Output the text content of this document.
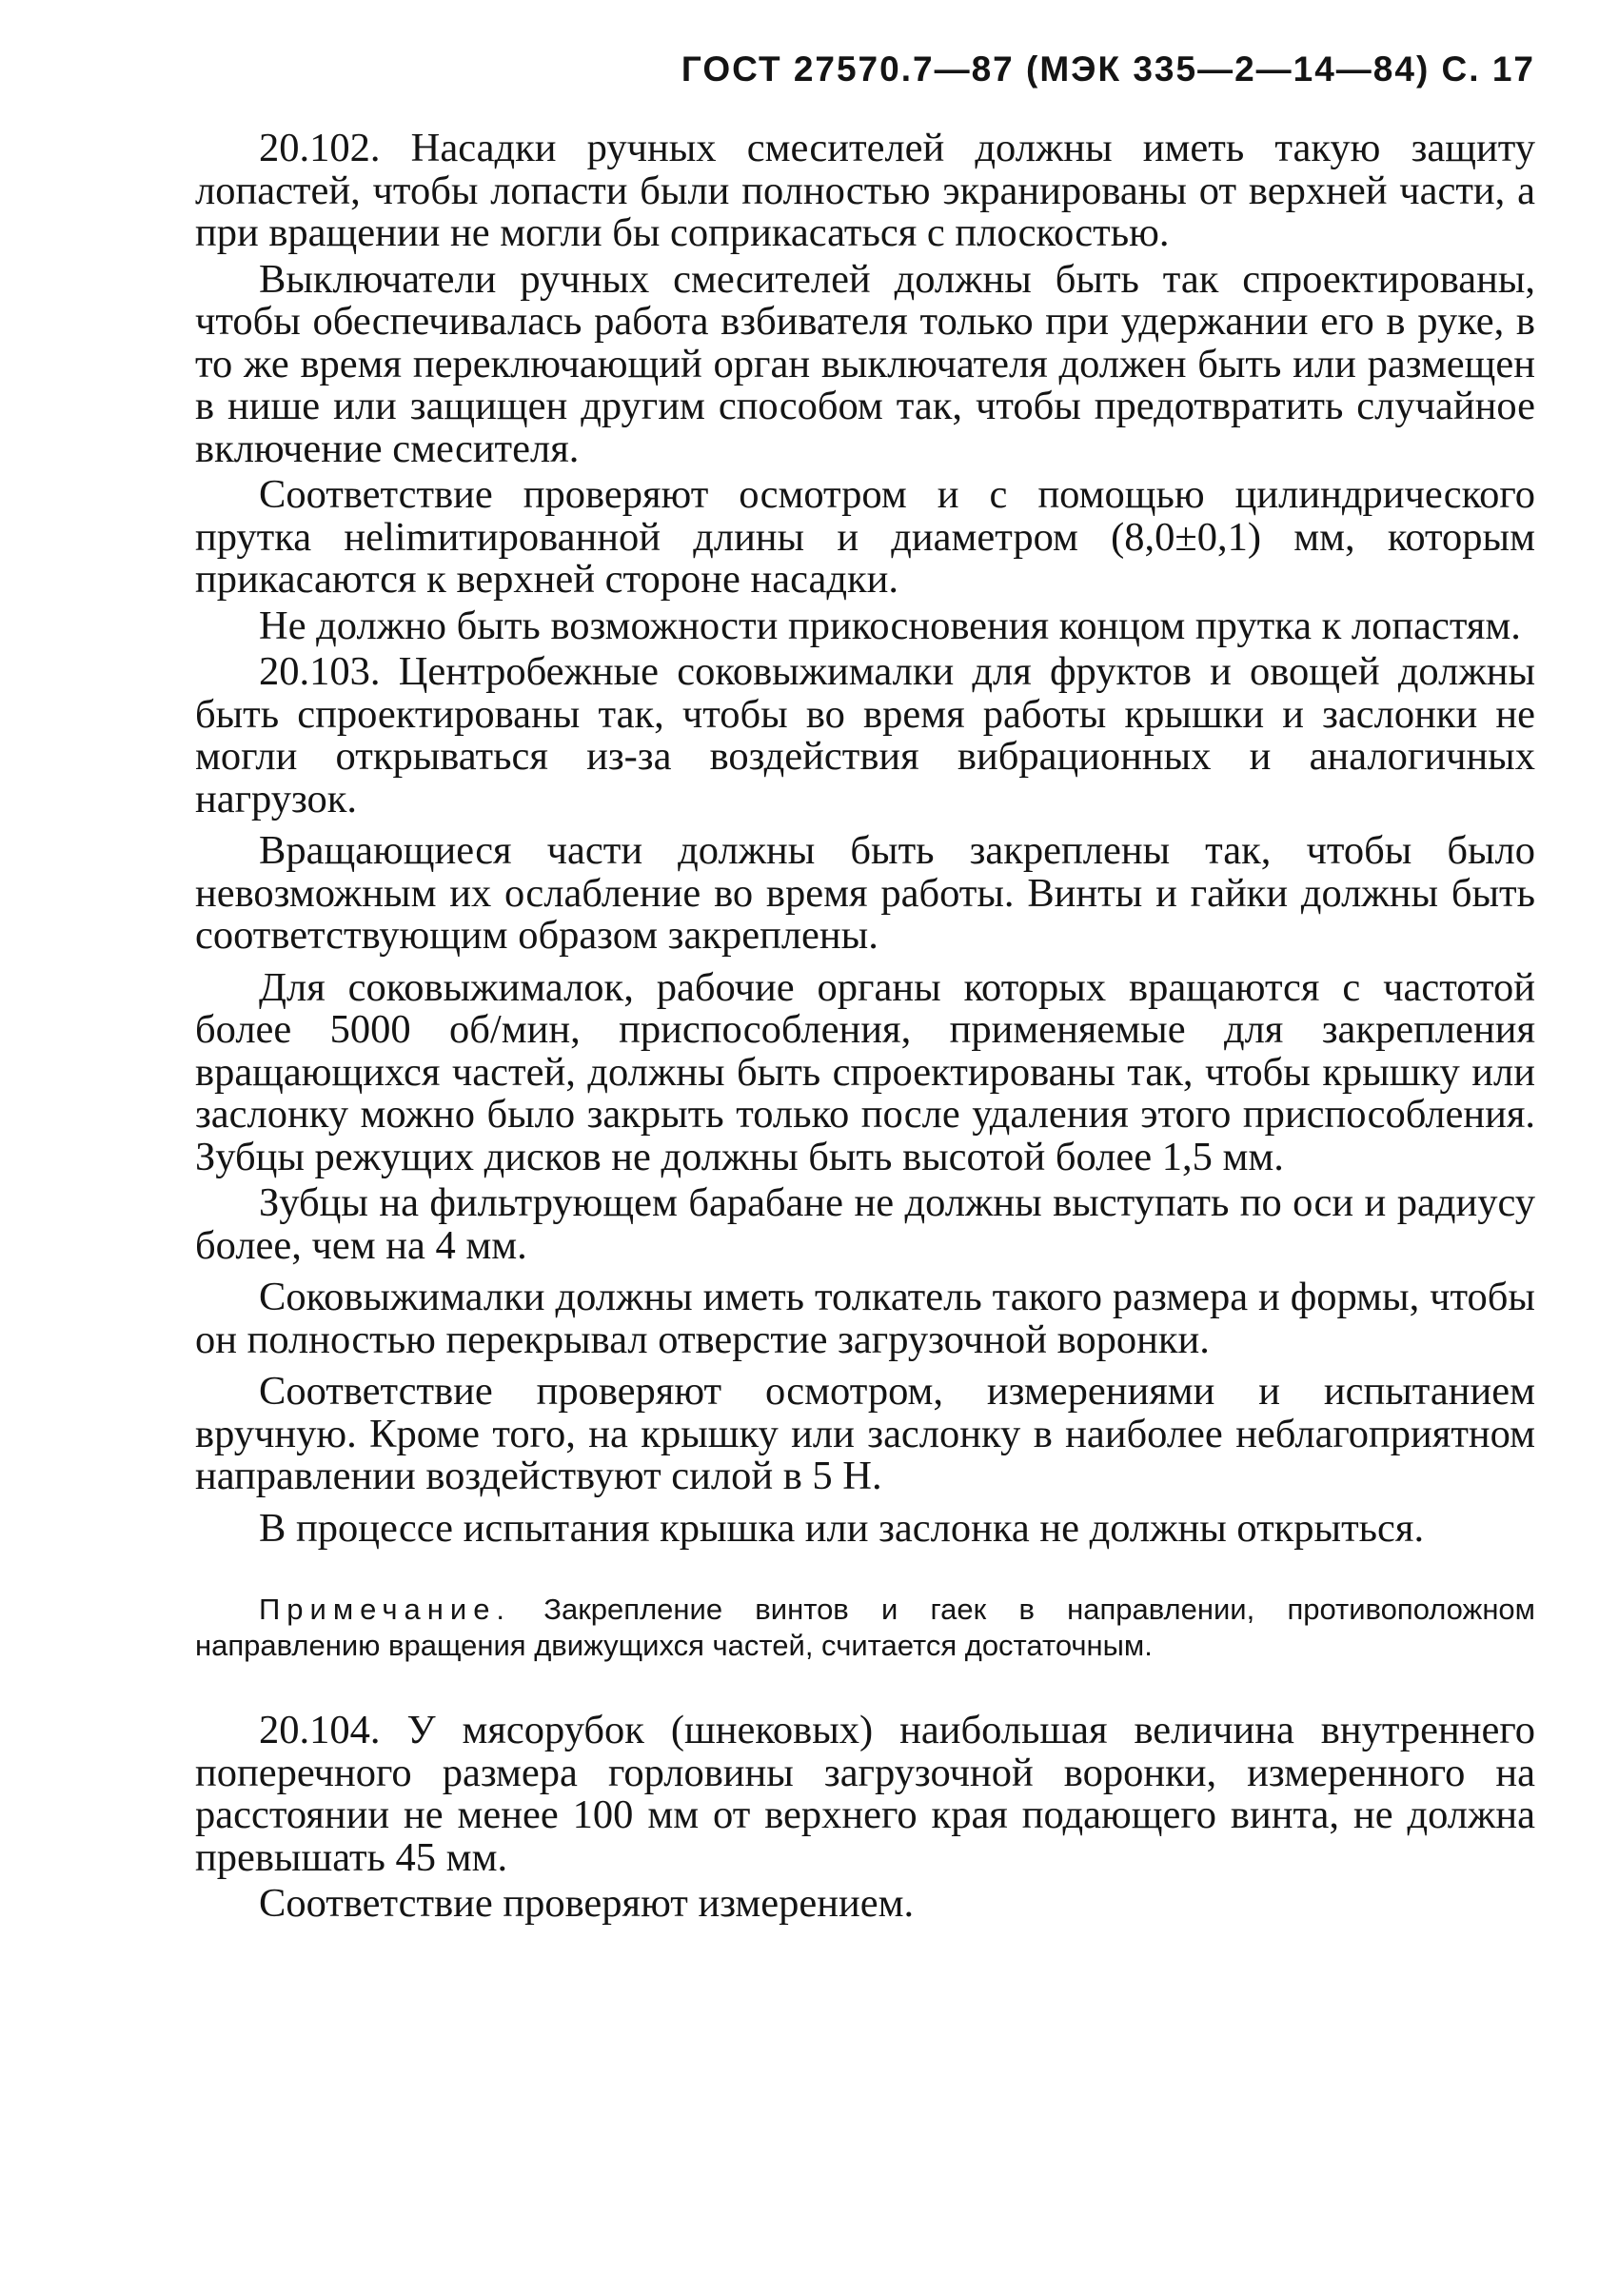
ГОСТ 27570.7—87 (МЭК 335—2—14—84) С. 17

20.102. Насадки ручных смесителей должны иметь такую защиту лопастей, чтобы лопасти были полностью экранированы от верхней части, а при вращении не могли бы соприкасаться с плоскостью.

Выключатели ручных смесителей должны быть так спроектированы, чтобы обеспечивалась работа взбивателя только при удержании его в руке, в то же время переключающий орган выключателя должен быть или размещен в нише или защищен другим способом так, чтобы предотвратить случайное включение смесителя.

Соответствие проверяют осмотром и с помощью цилиндрического прутка неlimитированной длины и диаметром (8,0±0,1) мм, которым прикасаются к верхней стороне насадки.

Не должно быть возможности прикосновения концом прутка к лопастям.

20.103. Центробежные соковыжималки для фруктов и овощей должны быть спроектированы так, чтобы во время работы крышки и заслонки не могли открываться из-за воздействия вибрационных и аналогичных нагрузок.

Вращающиеся части должны быть закреплены так, чтобы было невозможным их ослабление во время работы. Винты и гайки должны быть соответствующим образом закреплены.

Для соковыжималок, рабочие органы которых вращаются с частотой более 5000 об/мин, приспособления, применяемые для закрепления вращающихся частей, должны быть спроектированы так, чтобы крышку или заслонку можно было закрыть только после удаления этого приспособления. Зубцы режущих дисков не должны быть высотой более 1,5 мм.

Зубцы на фильтрующем барабане не должны выступать по оси и радиусу более, чем на 4 мм.

Соковыжималки должны иметь толкатель такого размера и формы, чтобы он полностью перекрывал отверстие загрузочной воронки.

Соответствие проверяют осмотром, измерениями и испытанием вручную. Кроме того, на крышку или заслонку в наиболее неблагоприятном направлении воздействуют силой в 5 Н.

В процессе испытания крышка или заслонка не должны открыться.

Примечание. Закрепление винтов и гаек в направлении, противоположном направлению вращения движущихся частей, считается достаточным.

20.104. У мясорубок (шнековых) наибольшая величина внутреннего поперечного размера горловины загрузочной воронки, измеренного на расстоянии не менее 100 мм от верхнего края подающего винта, не должна превышать 45 мм.

Соответствие проверяют измерением.
